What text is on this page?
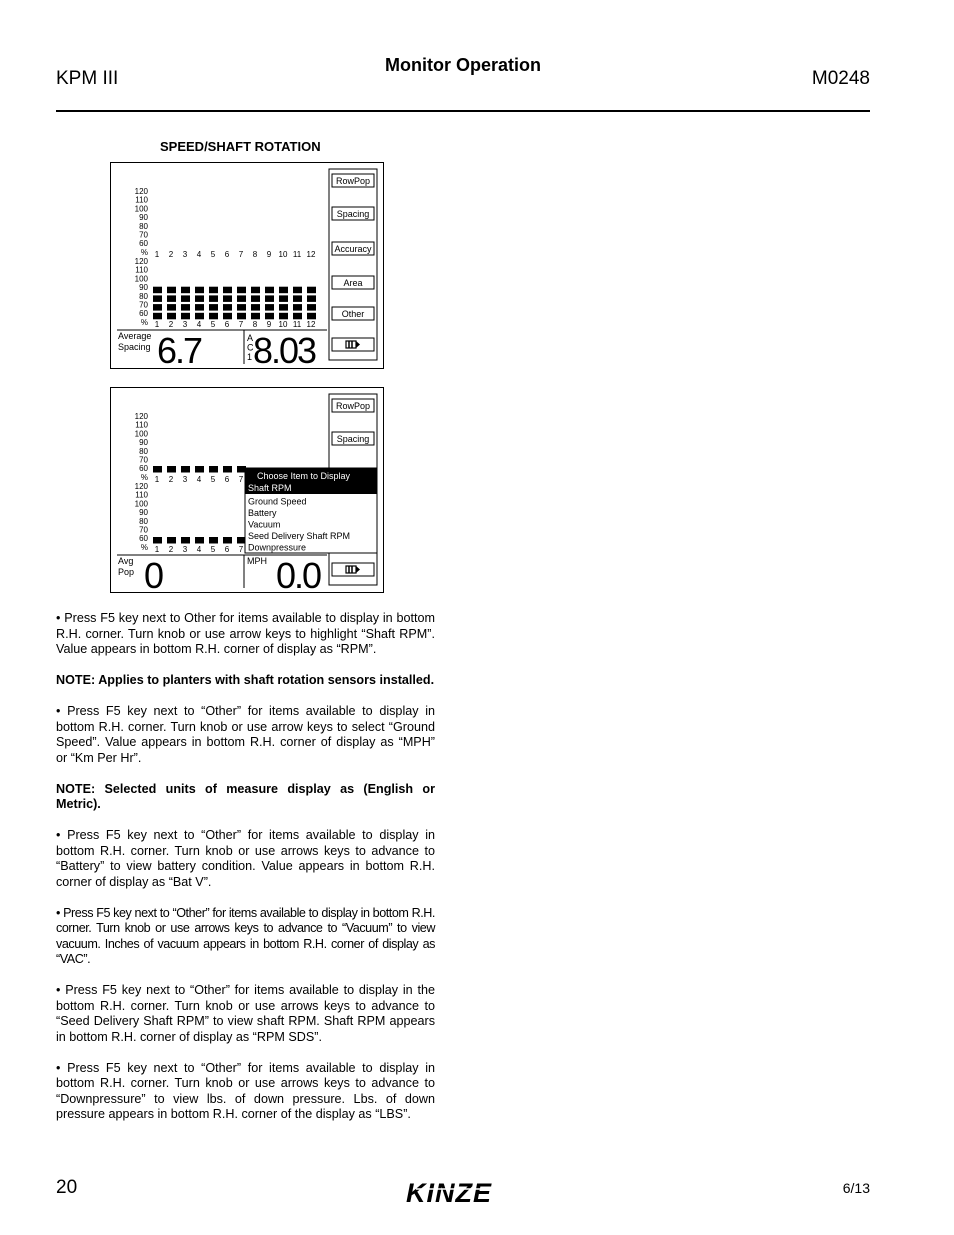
KPM III
Monitor Operation
M0248
SPEED/SHAFT ROTATION
120
110
100
90
80
70
60
% 1 2 3 4 5 6 7 8 9 10 11 12
120
110
100
90
80
70
60
% 1 2 3 4 5 6 7 8 9 10 11 12
Average
Spacing 6.7	A
C
1 8.03
RowPop
Spacing
Accuracy
Area
Other
120
110
100
90
80
70
60
% 1 2 3 4 5 6 7
120
110
100
90
80
70
60
% 1 2 3 4 5 6 7
Avg
Pop 0	MPH 0.0
RowPop
Spacing
Choose Item to Display
Shaft RPM
Ground Speed
Battery
Vacuum
Seed Delivery Shaft RPM
Downpressure

• Press F5 key next to Other for items available to display in bottom R.H. corner. Turn knob or use arrow keys to highlight “Shaft RPM”. Value appears in bottom R.H. corner of display as “RPM”.

NOTE: Applies to planters with shaft rotation sensors installed.

• Press F5 key next to “Other” for items available to display in bottom R.H. corner. Turn knob or use arrow keys to select “Ground Speed”. Value appears in bottom R.H. corner of display as “MPH” or “Km Per Hr”.

NOTE: Selected units of measure display as (English or Metric).

• Press F5 key next to “Other” for items available to display in bottom R.H. corner. Turn knob or use arrows keys to advance to “Battery” to view battery condition. Value appears in bottom R.H. corner of display as “Bat V”.

• Press F5 key next to “Other” for items available to display in bottom R.H. corner. Turn knob or use arrows keys to advance to “Vacuum” to view vacuum. Inches of vacuum appears in bottom R.H. corner of display as “VAC”.

• Press F5 key next to “Other” for items available to display in the bottom R.H. corner. Turn knob or use arrows keys to advance to “Seed Delivery Shaft RPM” to view shaft RPM. Shaft RPM appears in bottom R.H. corner of display as “RPM SDS”.

• Press F5 key next to “Other” for items available to display in bottom R.H. corner. Turn knob or use arrows keys to advance to “Downpressure” to view lbs. of down pressure. Lbs. of down pressure appears in bottom R.H. corner of the display as “LBS”.

20	KINZE	6/13
